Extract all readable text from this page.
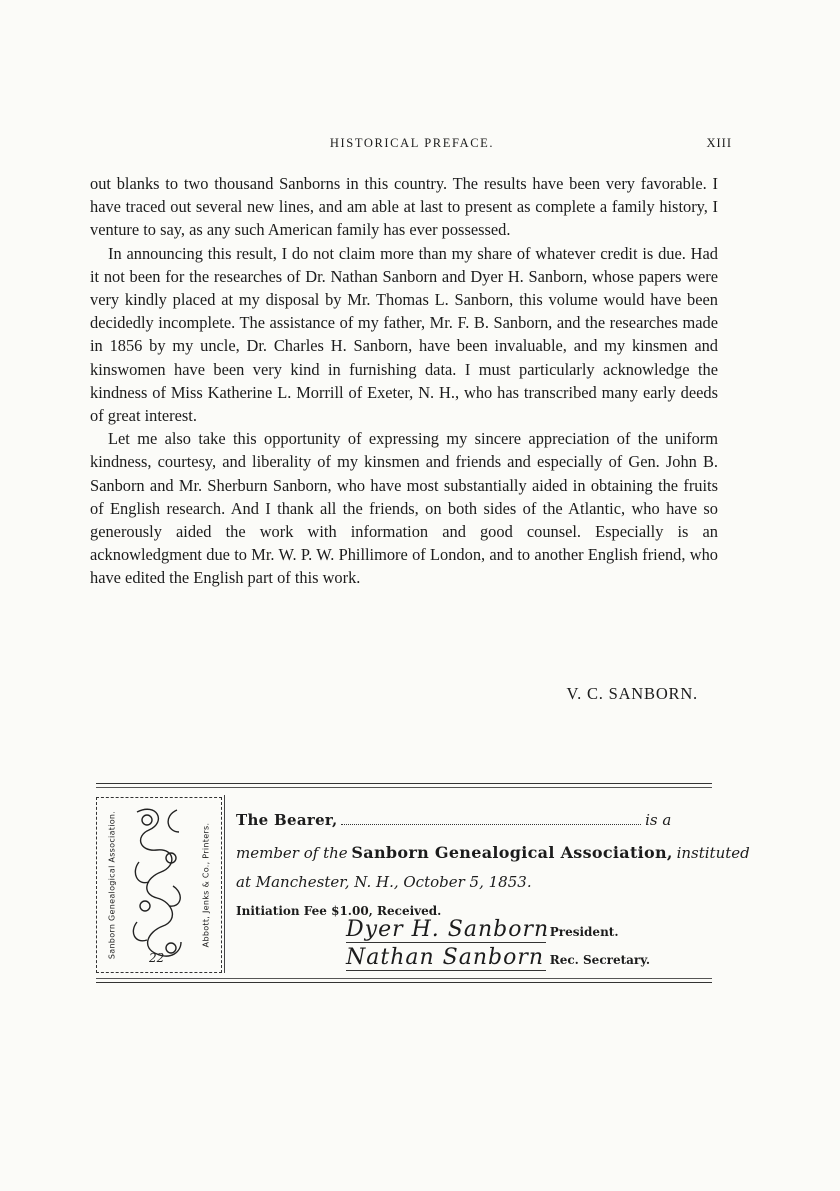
HISTORICAL PREFACE.	XIII

out blanks to two thousand Sanborns in this country. The results have been very favorable. I have traced out several new lines, and am able at last to present as complete a family history, I venture to say, as any such American family has ever possessed.

In announcing this result, I do not claim more than my share of whatever credit is due. Had it not been for the researches of Dr. Nathan Sanborn and Dyer H. Sanborn, whose papers were very kindly placed at my disposal by Mr. Thomas L. Sanborn, this volume would have been decidedly incomplete. The assistance of my father, Mr. F. B. Sanborn, and the researches made in 1856 by my uncle, Dr. Charles H. Sanborn, have been invaluable, and my kinsmen and kinswomen have been very kind in furnishing data. I must particularly acknowledge the kindness of Miss Katherine L. Morrill of Exeter, N. H., who has transcribed many early deeds of great interest.

Let me also take this opportunity of expressing my sincere appreciation of the uniform kindness, courtesy, and liberality of my kinsmen and friends and especially of Gen. John B. Sanborn and Mr. Sherburn Sanborn, who have most substantially aided in obtaining the fruits of English research. And I thank all the friends, on both sides of the Atlantic, who have so generously aided the work with information and good counsel. Especially is an acknowledgment due to Mr. W. P. W. Phillimore of London, and to another English friend, who have edited the English part of this work.

V. C. SANBORN.
Sanborn Genealogical Association.	22
Abbott, Jenks & Co., Printers.
The Bearer,	is a
member of the Sanborn Genealogical Association, instituted
at Manchester, N. H., October 5, 1853.
Initiation Fee $1.00, Received.
Dyer H. Sanborn President.
Nathan Sanborn Rec. Secretary.
